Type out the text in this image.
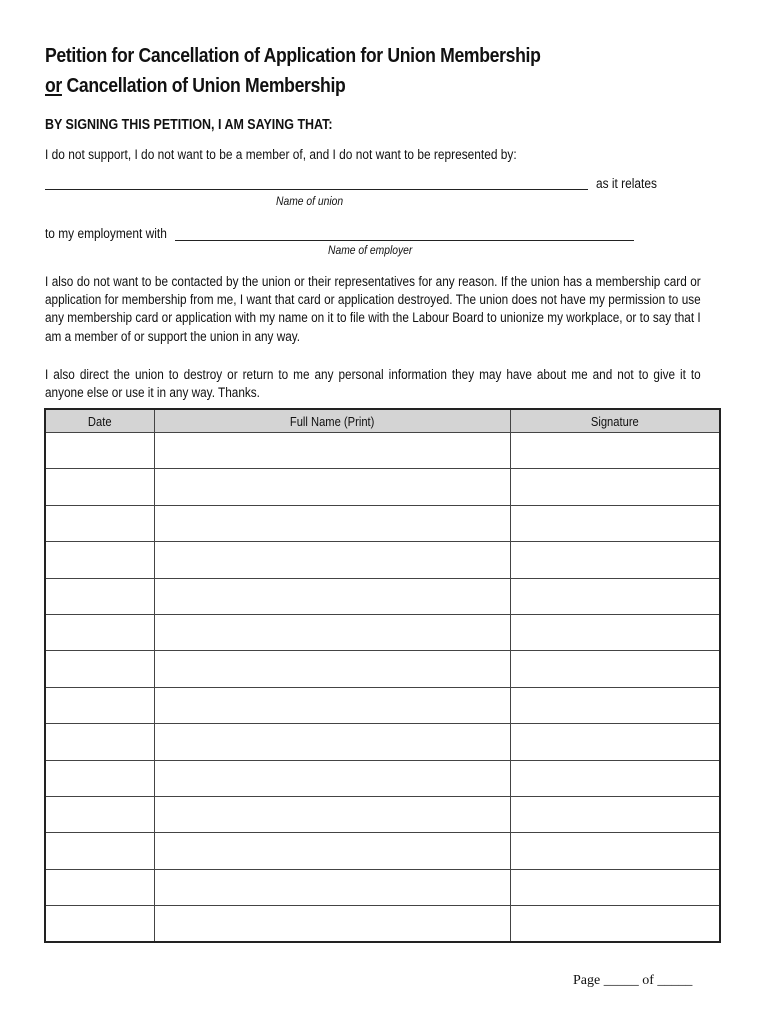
Petition for Cancellation of Application for Union Membership
or Cancellation of Union Membership
BY SIGNING THIS PETITION, I AM SAYING THAT:
I do not support, I do not want to be a member of, and I do not want to be represented by:
as it relates
Name of union
to my employment with
Name of employer
I also do not want to be contacted by the union or their representatives for any reason. If the union has a membership card or application for membership from me, I want that card or application destroyed. The union does not have my permission to use any membership card or application with my name on it to file with the Labour Board to unionize my workplace, or to say that I am a member of or support the union in any way.
I also direct the union to destroy or return to me any personal information they may have about me and not to give it to anyone else or use it in any way. Thanks.
Date	Full Name (Print)	Signature

Page _____ of _____
